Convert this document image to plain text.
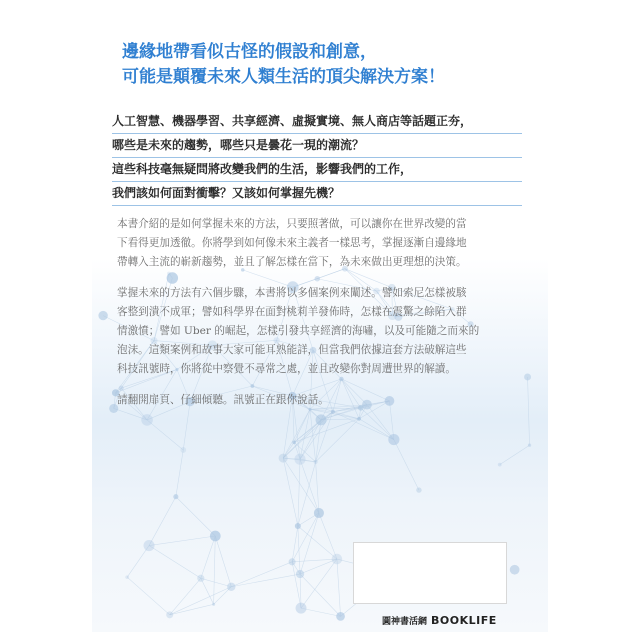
邊緣地帶看似古怪的假設和創意，
可能是顛覆未來人類生活的頂尖解決方案！
人工智慧、機器學習、共享經濟、虛擬實境、無人商店等話題正夯，
哪些是未來的趨勢，哪些只是曇花一現的潮流？
這些科技毫無疑問將改變我們的生活，影響我們的工作，
我們該如何面對衝擊？又該如何掌握先機？
本書介紹的是如何掌握未來的方法，只要照著做，可以讓你在世界改變的當
下看得更加透徹。你將學到如何像未來主義者一樣思考，掌握逐漸自邊緣地
帶轉入主流的嶄新趨勢，並且了解怎樣在當下，為未來做出更理想的決策。
掌握未來的方法有六個步驟，本書將以多個案例來闡述。譬如索尼怎樣被駭
客整到潰不成軍；譬如科學界在面對桃莉羊發佈時，怎樣在震驚之餘陷入群
情激憤；譬如 Uber 的崛起，怎樣引發共享經濟的海嘯，以及可能隨之而來的
泡沫。這類案例和故事大家可能耳熟能詳，但當我們依據這套方法破解這些
科技訊號時，你將從中察覺不尋常之處，並且改變你對周遭世界的解讀。
請翻開扉頁、仔細傾聽。訊號正在跟你說話。
圓神書活網 BOOKLIFE
